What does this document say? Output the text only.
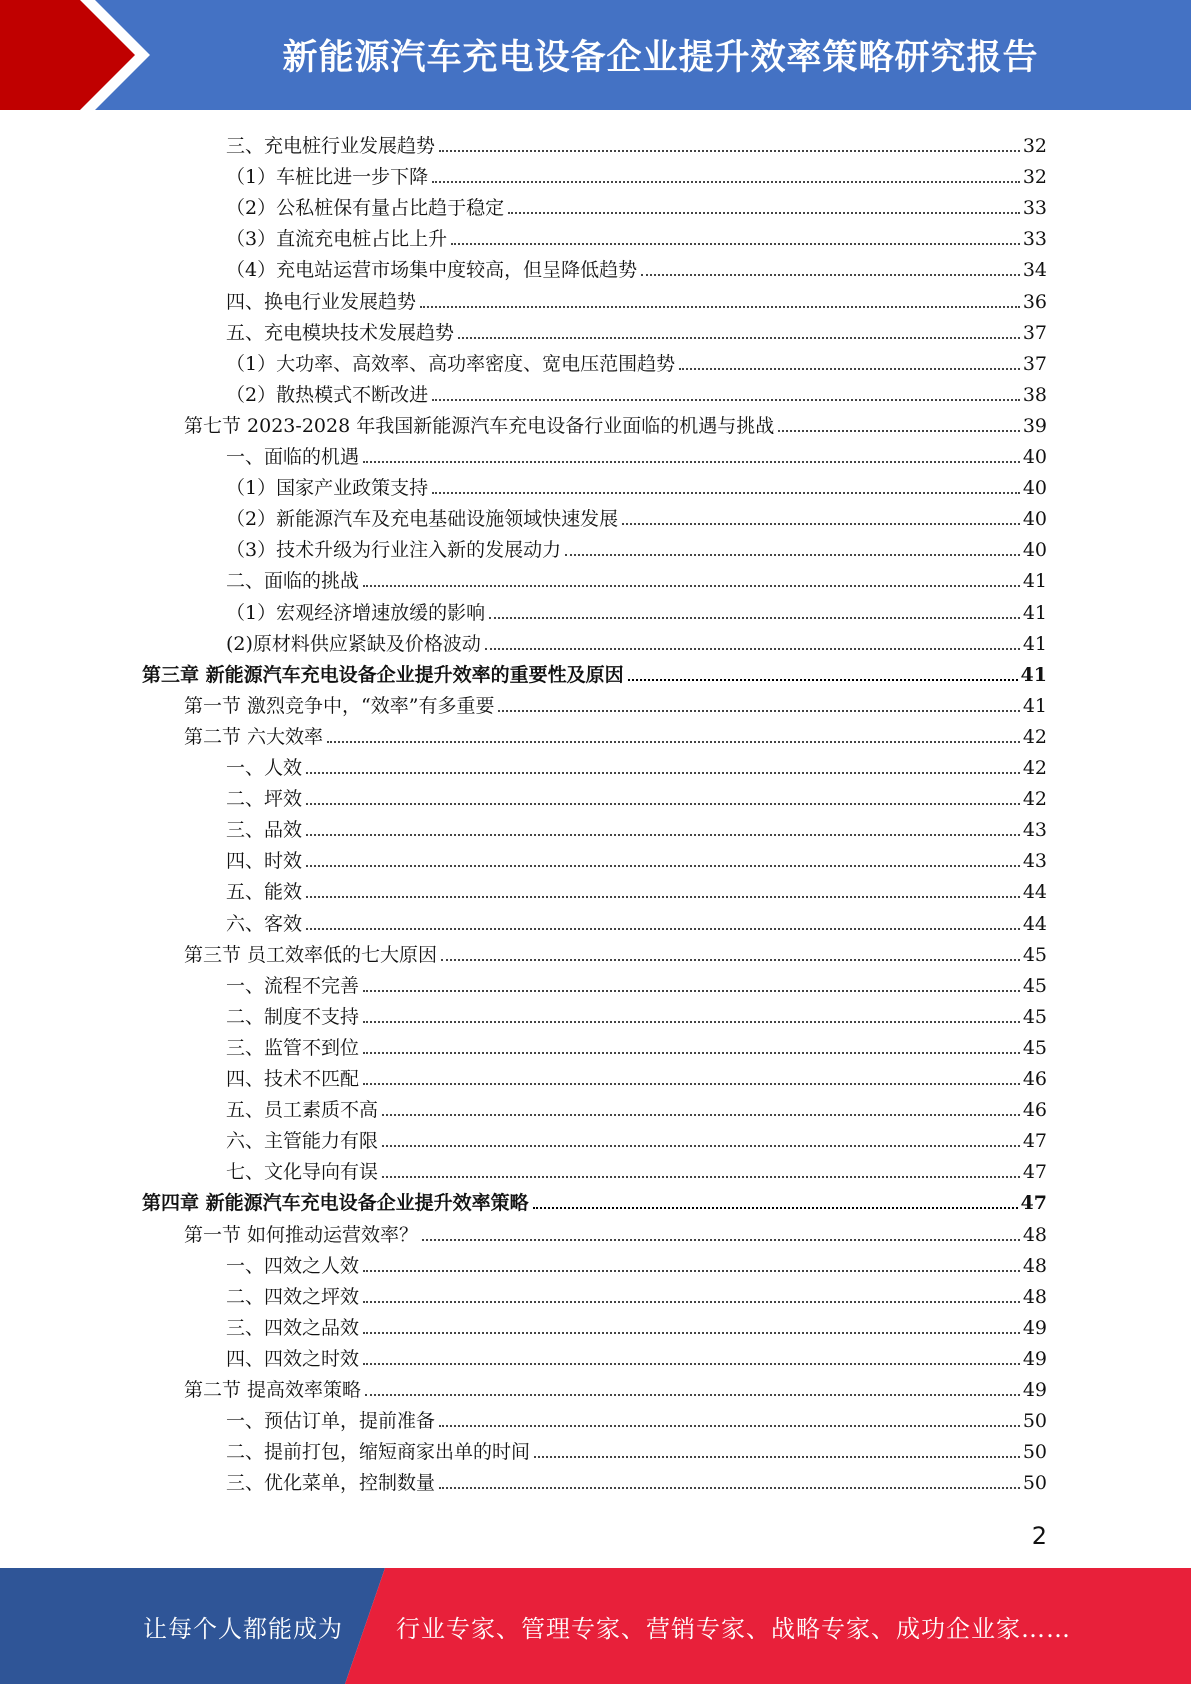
新能源汽车充电设备企业提升效率策略研究报告
三、充电桩行业发展趋势	32
（1）车桩比进一步下降	32
（2）公私桩保有量占比趋于稳定	33
（3）直流充电桩占比上升	33
（4）充电站运营市场集中度较高，但呈降低趋势	34
四、换电行业发展趋势	36
五、充电模块技术发展趋势	37
（1）大功率、高效率、高功率密度、宽电压范围趋势	37
（2）散热模式不断改进	38
第七节 2023-2028 年我国新能源汽车充电设备行业面临的机遇与挑战	39
一、面临的机遇	40
（1）国家产业政策支持	40
（2）新能源汽车及充电基础设施领域快速发展	40
（3）技术升级为行业注入新的发展动力	40
二、面临的挑战	41
（1）宏观经济增速放缓的影响	41
(2)原材料供应紧缺及价格波动	41
第三章 新能源汽车充电设备企业提升效率的重要性及原因	41
第一节 激烈竞争中，“效率”有多重要	41
第二节 六大效率	42
一、人效	42
二、坪效	42
三、品效	43
四、时效	43
五、能效	44
六、客效	44
第三节 员工效率低的七大原因	45
一、流程不完善	45
二、制度不支持	45
三、监管不到位	45
四、技术不匹配	46
五、员工素质不高	46
六、主管能力有限	47
七、文化导向有误	47
第四章 新能源汽车充电设备企业提升效率策略	47
第一节 如何推动运营效率？	48
一、四效之人效	48
二、四效之坪效	48
三、四效之品效	49
四、四效之时效	49
第二节 提高效率策略	49
一、预估订单，提前准备	50
二、提前打包，缩短商家出单的时间	50
三、优化菜单，控制数量	50
2
让每个人都能成为 行业专家、管理专家、营销专家、战略专家、成功企业家……
